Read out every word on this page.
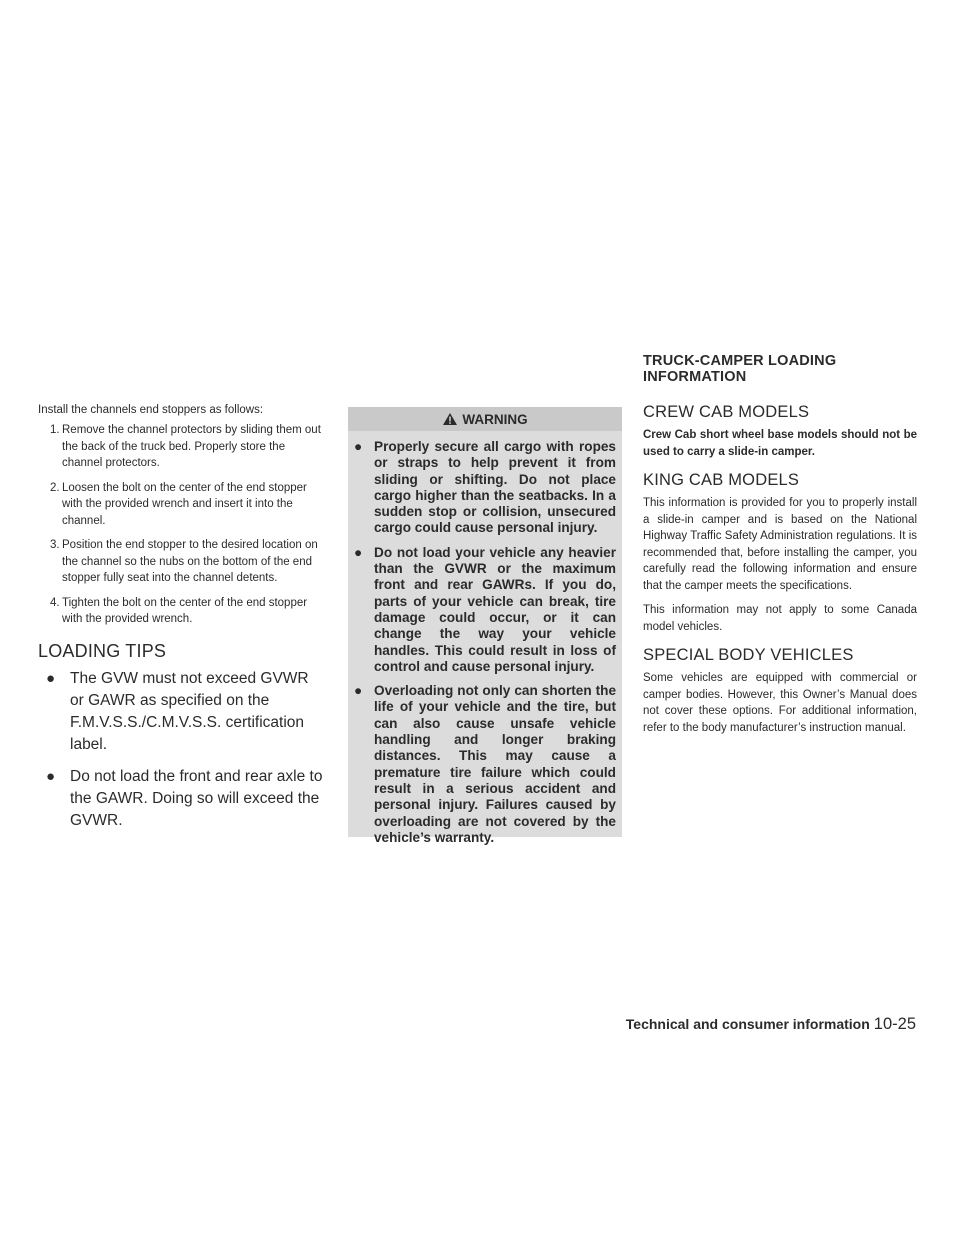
Install the channels end stoppers as follows:

1. Remove the channel protectors by sliding them out the back of the truck bed. Properly store the channel protectors.
2. Loosen the bolt on the center of the end stopper with the provided wrench and insert it into the channel.
3. Position the end stopper to the desired location on the channel so the nubs on the bottom of the end stopper fully seat into the channel detents.
4. Tighten the bolt on the center of the end stopper with the provided wrench.
LOADING TIPS
● The GVW must not exceed GVWR or GAWR as specified on the F.M.V.S.S./C.M.V.S.S. certification label.
● Do not load the front and rear axle to the GAWR. Doing so will exceed the GVWR.
WARNING
● Properly secure all cargo with ropes or straps to help prevent it from sliding or shifting. Do not place cargo higher than the seatbacks. In a sudden stop or collision, unsecured cargo could cause personal injury.
● Do not load your vehicle any heavier than the GVWR or the maximum front and rear GAWRs. If you do, parts of your vehicle can break, tire damage could occur, or it can change the way your vehicle handles. This could result in loss of control and cause personal injury.
● Overloading not only can shorten the life of your vehicle and the tire, but can also cause unsafe vehicle handling and longer braking distances. This may cause a premature tire failure which could result in a serious accident and personal injury. Failures caused by overloading are not covered by the vehicle’s warranty.
TRUCK-CAMPER LOADING
INFORMATION
CREW CAB MODELS

Crew Cab short wheel base models should not be used to carry a slide-in camper.

KING CAB MODELS

This information is provided for you to properly install a slide-in camper and is based on the National Highway Traffic Safety Administration regulations. It is recommended that, before installing the camper, you carefully read the following information and ensure that the camper meets the specifications.

This information may not apply to some Canada model vehicles.

SPECIAL BODY VEHICLES

Some vehicles are equipped with commercial or camper bodies. However, this Owner’s Manual does not cover these options. For additional information, refer to the body manufacturer’s instruction manual.

Technical and consumer information 10-25
